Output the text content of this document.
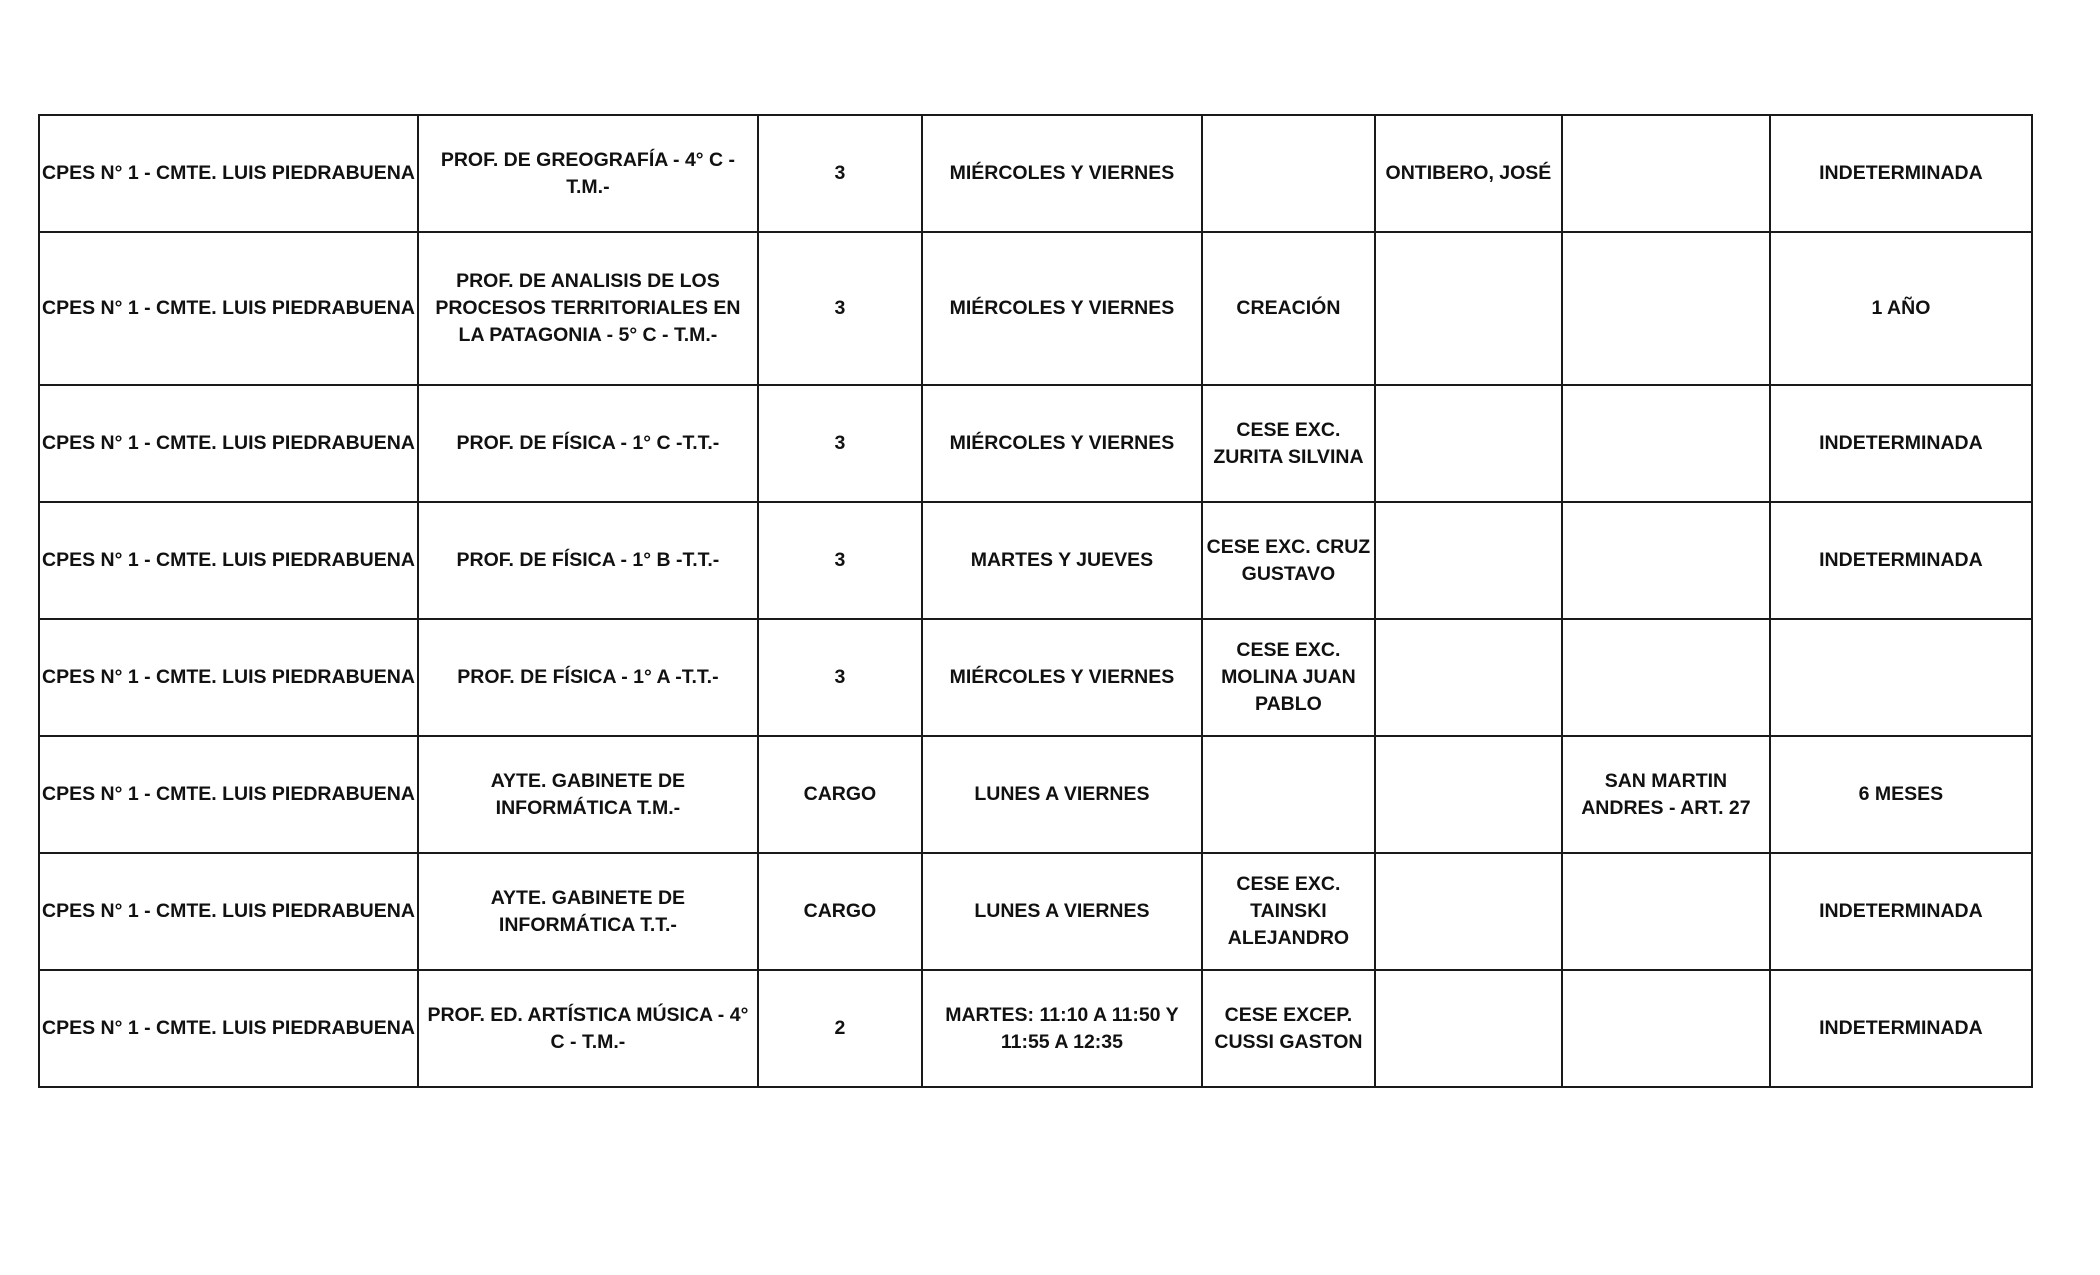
CPES N° 1 - CMTE. LUIS PIEDRABUENA	PROF. DE GREOGRAFÍA - 4° C - T.M.-	3	MIÉRCOLES Y VIERNES		ONTIBERO, JOSÉ		INDETERMINADA
CPES N° 1 - CMTE. LUIS PIEDRABUENA	PROF. DE ANALISIS DE LOS PROCESOS TERRITORIALES EN LA PATAGONIA - 5° C - T.M.-	3	MIÉRCOLES Y VIERNES	CREACIÓN			1 AÑO
CPES N° 1 - CMTE. LUIS PIEDRABUENA	PROF. DE FÍSICA - 1° C -T.T.-	3	MIÉRCOLES Y VIERNES	CESE EXC. ZURITA SILVINA			INDETERMINADA
CPES N° 1 - CMTE. LUIS PIEDRABUENA	PROF. DE FÍSICA - 1° B -T.T.-	3	MARTES Y JUEVES	CESE EXC. CRUZ GUSTAVO			INDETERMINADA
CPES N° 1 - CMTE. LUIS PIEDRABUENA	PROF. DE FÍSICA - 1° A -T.T.-	3	MIÉRCOLES Y VIERNES	CESE EXC. MOLINA JUAN PABLO			
CPES N° 1 - CMTE. LUIS PIEDRABUENA	AYTE. GABINETE DE INFORMÁTICA T.M.-	CARGO	LUNES A VIERNES			SAN MARTIN ANDRES - ART. 27	6 MESES
CPES N° 1 - CMTE. LUIS PIEDRABUENA	AYTE. GABINETE DE INFORMÁTICA T.T.-	CARGO	LUNES A VIERNES	CESE EXC. TAINSKI ALEJANDRO			INDETERMINADA
CPES N° 1 - CMTE. LUIS PIEDRABUENA	PROF. ED. ARTÍSTICA MÚSICA - 4° C - T.M.-	2	MARTES: 11:10 A 11:50 Y 11:55 A 12:35	CESE EXCEP. CUSSI GASTON			INDETERMINADA
